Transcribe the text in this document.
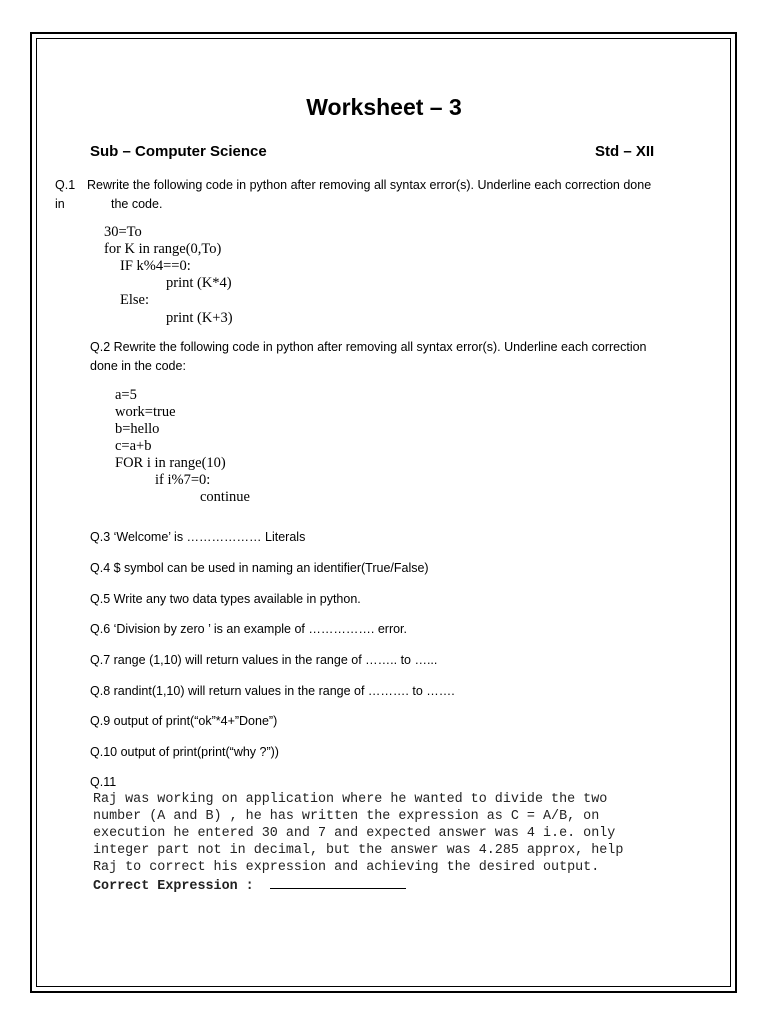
Worksheet – 3
Sub – Computer Science	Std – XII
Q.1 Rewrite the following code in python after removing all syntax error(s). Underline each correction done
in	the code.
30=To
for K in range(0,To)
IF k%4==0:
print (K*4)
Else:
print (K+3)
Q.2 Rewrite the following code in python after removing all syntax error(s). Underline each correction
done in the code:
a=5
work=true
b=hello
c=a+b
FOR i in range(10)
if i%7=0:
continue
Q.3 ‘Welcome’ is ……………… Literals
Q.4 $ symbol can be used in naming an identifier(True/False)
Q.5 Write any two data types available in python.
Q.6 ‘Division by zero ’ is an example of ……………. error.
Q.7 range (1,10) will return values in the range of …….. to …...
Q.8 randint(1,10) will return values in the range of ………. to …….
Q.9 output of print(“ok”*4+”Done”)
Q.10 output of print(print(“why ?”))
Q.11
Raj was working on application where he wanted to divide the two
number (A and B) , he has written the expression as C = A/B, on
execution he entered 30 and 7 and expected answer was 4 i.e. only
integer part not in decimal, but the answer was 4.285 approx, help
Raj to correct his expression and achieving the desired output.
Correct Expression :
